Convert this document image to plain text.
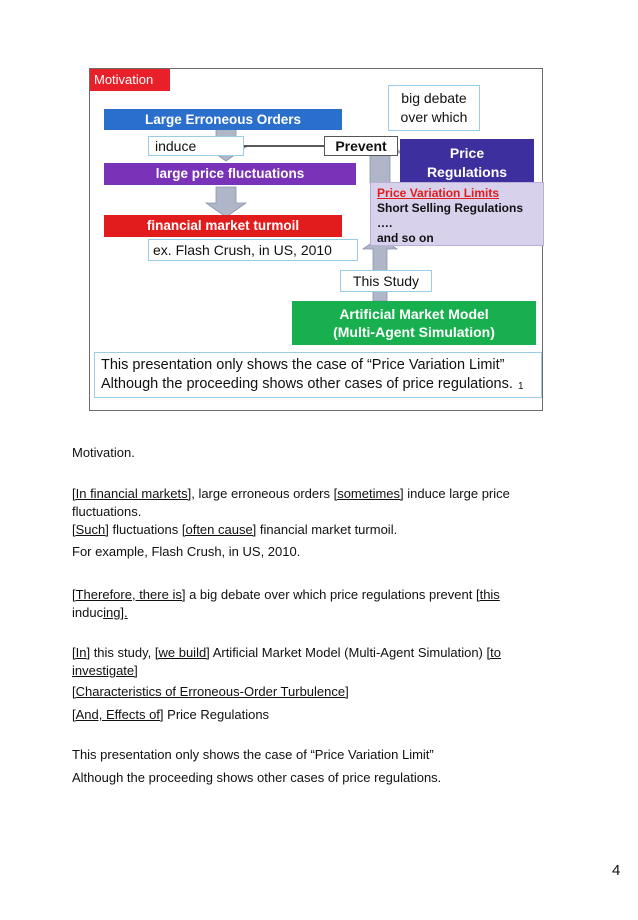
Motivation
big debate
over which
Large Erroneous Orders
induce	Prevent	Price
Regulations
large price fluctuations
Price Variation Limits
Short Selling Regulations
….
and so on
financial market turmoil
ex. Flash Crush, in US, 2010
This Study
Artificial Market Model
(Multi-Agent Simulation)
This presentation only shows the case of “Price Variation Limit”
Although the proceeding shows other cases of price regulations. 1
Motivation.
[In financial markets], large erroneous orders [sometimes] induce large price
fluctuations.
[Such] fluctuations [often cause] financial market turmoil.
For example, Flash Crush, in US, 2010.
[Therefore, there is] a big debate over which price regulations prevent [this
inducing].
[In] this study, [we build] Artificial Market Model (Multi-Agent Simulation) [to
investigate]
[Characteristics of Erroneous-Order Turbulence]
[And, Effects of] Price Regulations
This presentation only shows the case of “Price Variation Limit”
Although the proceeding shows other cases of price regulations.
4
